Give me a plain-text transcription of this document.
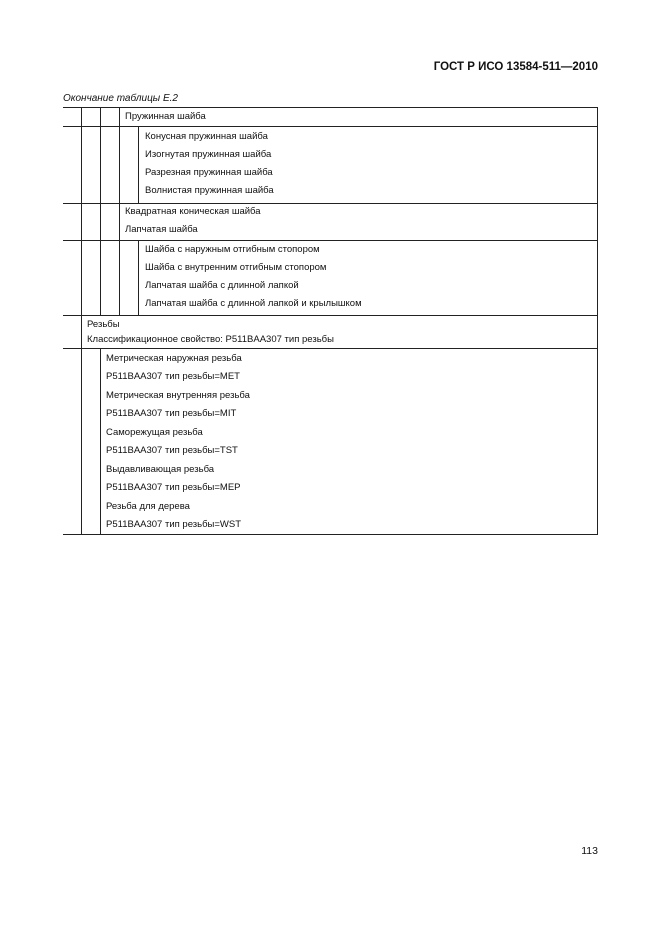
ГОСТ Р ИСО 13584-511—2010
Окончание таблицы Е.2
Пружинная шайба
Конусная пружинная шайба
Изогнутая пружинная шайба
Разрезная пружинная шайба
Волнистая пружинная шайба
Квадратная коническая шайба
Лапчатая шайба
Шайба с наружным отгибным стопором
Шайба с внутренним отгибным стопором
Лапчатая шайба с длинной лапкой
Лапчатая шайба с длинной лапкой и крылышком
Резьбы
Классификационное свойство: P511BAA307 тип резьбы
Метрическая наружная резьба
P511BAA307 тип резьбы=MET
Метрическая внутренняя резьба
P511BAA307 тип резьбы=MIT
Саморежущая резьба
P511BAA307 тип резьбы=TST
Выдавливающая резьба
P511BAA307 тип резьбы=MEP
Резьба для дерева
P511BAA307 тип резьбы=WST
113
